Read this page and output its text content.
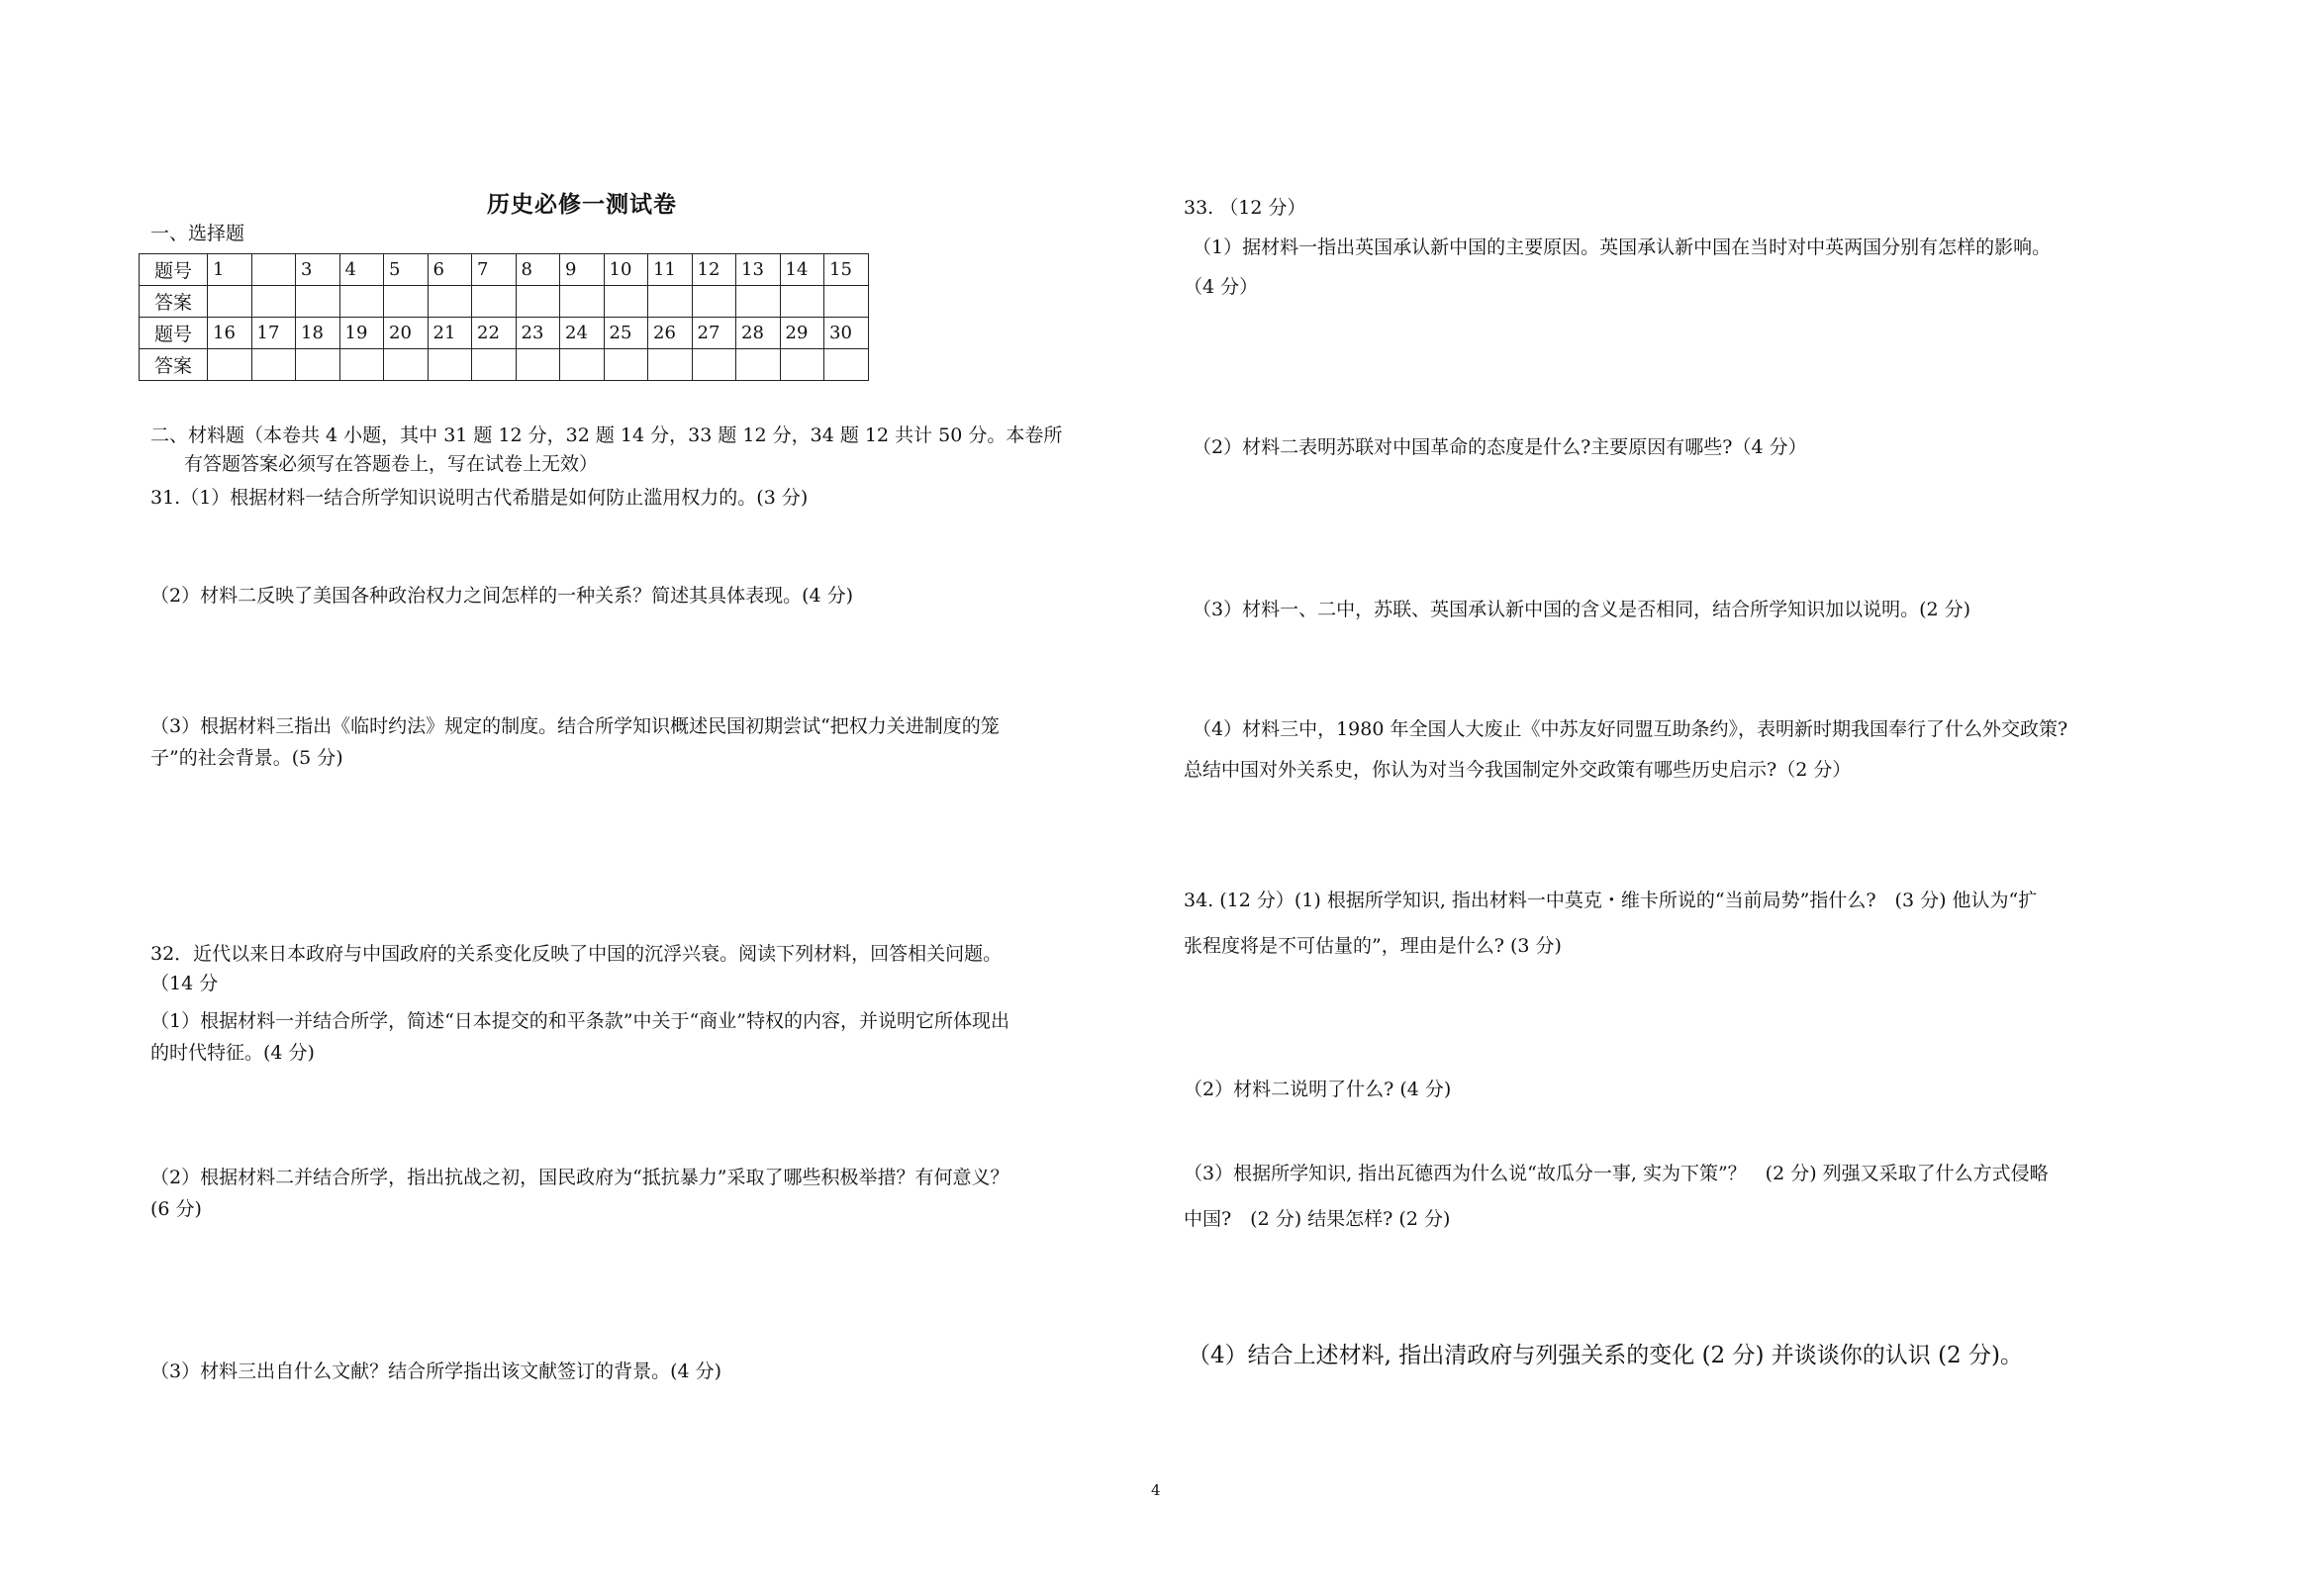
历史必修一测试卷
一、选择题
题号	1		3	4	5	6	7	8	9	10	11	12	13	14	15
答案															
题号	16	17	18	19	20	21	22	23	24	25	26	27	28	29	30
答案															
二、材料题（本卷共 4 小题，其中 31 题 12 分，32 题 14 分，33 题 12 分，34 题 12 共计 50 分。本卷所
有答题答案必须写在答题卷上，写在试卷上无效）
31.（1）根据材料一结合所学知识说明古代希腊是如何防止滥用权力的。(3 分)
（2）材料二反映了美国各种政治权力之间怎样的一种关系？简述其具体表现。(4 分)
（3）根据材料三指出《临时约法》规定的制度。结合所学知识概述民国初期尝试“把权力关进制度的笼
子”的社会背景。(5 分)
32．近代以来日本政府与中国政府的关系变化反映了中国的沉浮兴衰。阅读下列材料，回答相关问题。
（14 分
（1）根据材料一并结合所学，简述“日本提交的和平条款”中关于“商业”特权的内容，并说明它所体现出
的时代特征。(4 分)
（2）根据材料二并结合所学，指出抗战之初，国民政府为“抵抗暴力”采取了哪些积极举措？有何意义？
(6 分)
（3）材料三出自什么文献？结合所学指出该文献签订的背景。(4 分)
33. （12 分）
（1）据材料一指出英国承认新中国的主要原因。英国承认新中国在当时对中英两国分别有怎样的影响。
（4 分）
（2）材料二表明苏联对中国革命的态度是什么?主要原因有哪些?（4 分）
（3）材料一、二中，苏联、英国承认新中国的含义是否相同，结合所学知识加以说明。(2 分)
（4）材料三中，1980 年全国人大废止《中苏友好同盟互助条约》，表明新时期我国奉行了什么外交政策?
总结中国对外关系史，你认为对当今我国制定外交政策有哪些历史启示?（2 分）
34. (12 分）(1) 根据所学知识, 指出材料一中莫克・维卡所说的“当前局势”指什么?　(3 分) 他认为“扩
张程度将是不可估量的”，理由是什么? (3 分)
（2）材料二说明了什么? (4 分)
（3）根据所学知识, 指出瓦德西为什么说“故瓜分一事, 实为下策”？　(2 分) 列强又采取了什么方式侵略
中国?　(2 分) 结果怎样? (2 分)
（4）结合上述材料, 指出清政府与列强关系的变化 (2 分) 并谈谈你的认识 (2 分)。
4
